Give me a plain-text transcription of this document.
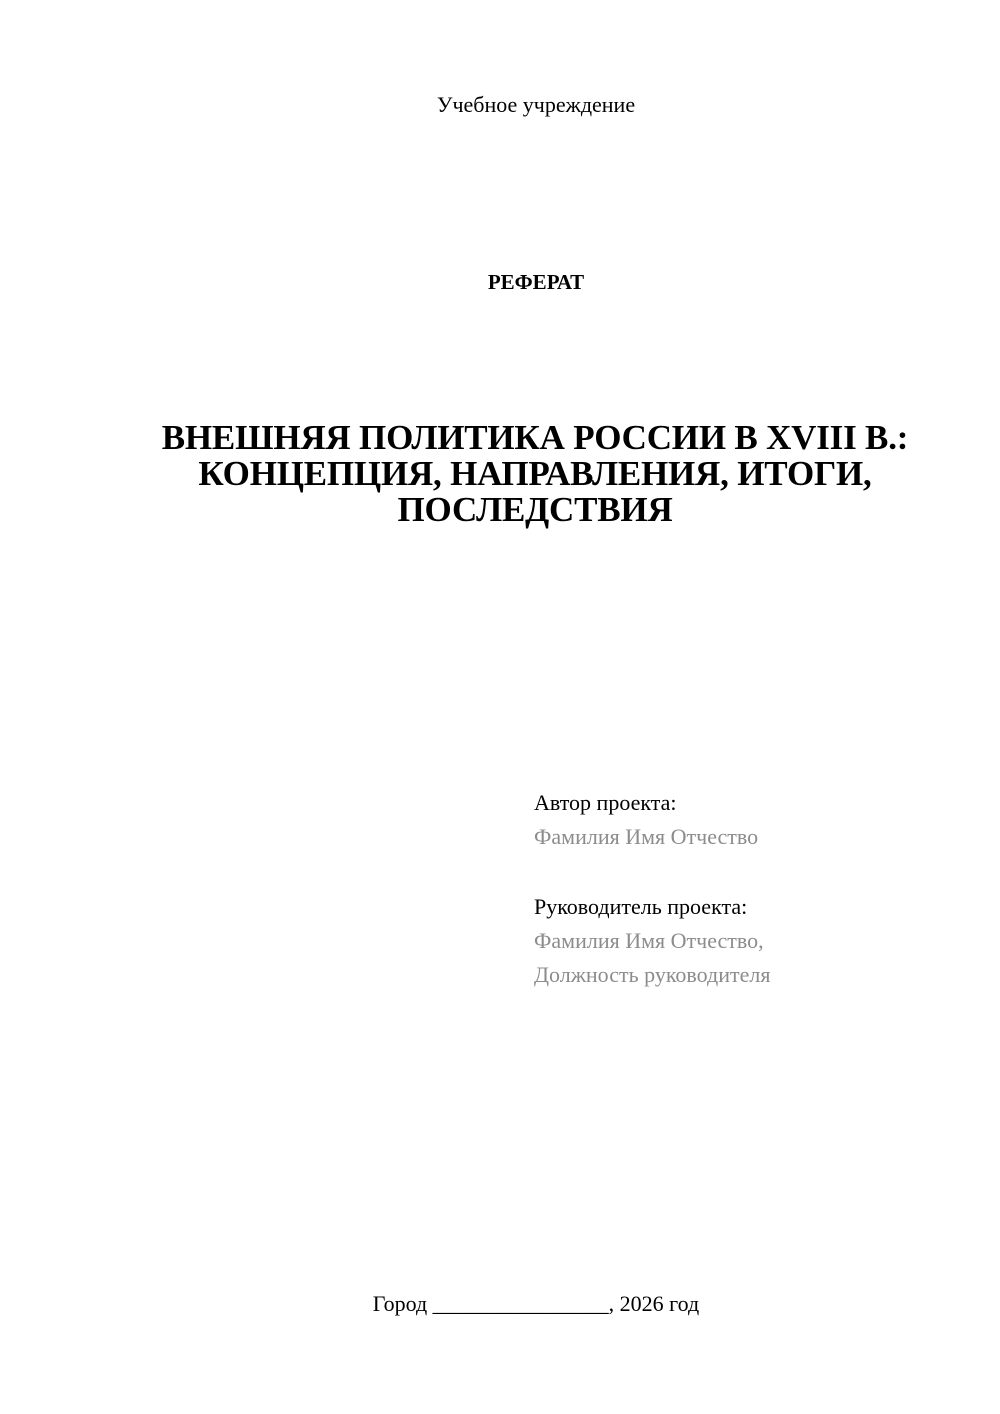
Учебное учреждение
РЕФЕРАТ
ВНЕШНЯЯ ПОЛИТИКА РОССИИ В XVIII В.: КОНЦЕПЦИЯ, НАПРАВЛЕНИЯ, ИТОГИ, ПОСЛЕДСТВИЯ
Автор проекта:
Фамилия Имя Отчество
Руководитель проекта:
Фамилия Имя Отчество,
Должность руководителя
Город ________________, 2026 год
